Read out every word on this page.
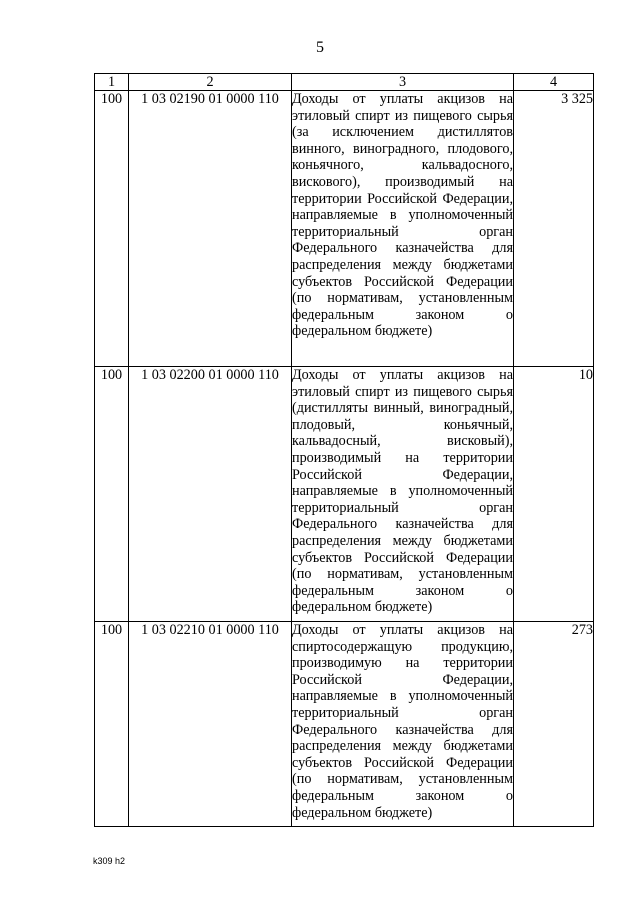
5
1	2	3	4
100	1 03 02190 01 0000 110	Доходы от уплаты акцизов на этиловый спирт из пищевого сырья (за исключением дистиллятов винного, виноградного, плодового, коньячного, кальвадосного, вискового), производимый на территории Российской Федерации, направляемые в уполномоченный территориальный орган Федерального казначейства для распределения между бюджетами субъектов Российской Федерации (по нормативам, установленным федеральным законом о федеральном бюджете)	3 325
100	1 03 02200 01 0000 110	Доходы от уплаты акцизов на этиловый спирт из пищевого сырья (дистилляты винный, виноградный, плодовый, коньячный, кальвадосный, висковый), производимый на территории Российской Федерации, направляемые в уполномоченный территориальный орган Федерального казначейства для распределения между бюджетами субъектов Российской Федерации (по нормативам, установленным федеральным законом о федеральном бюджете)	10
100	1 03 02210 01 0000 110	Доходы от уплаты акцизов на спиртосодержащую продукцию, производимую на территории Российской Федерации, направляемые в уполномоченный территориальный орган Федерального казначейства для распределения между бюджетами субъектов Российской Федерации (по нормативам, установленным федеральным законом о федеральном бюджете)	273
k309 h2
